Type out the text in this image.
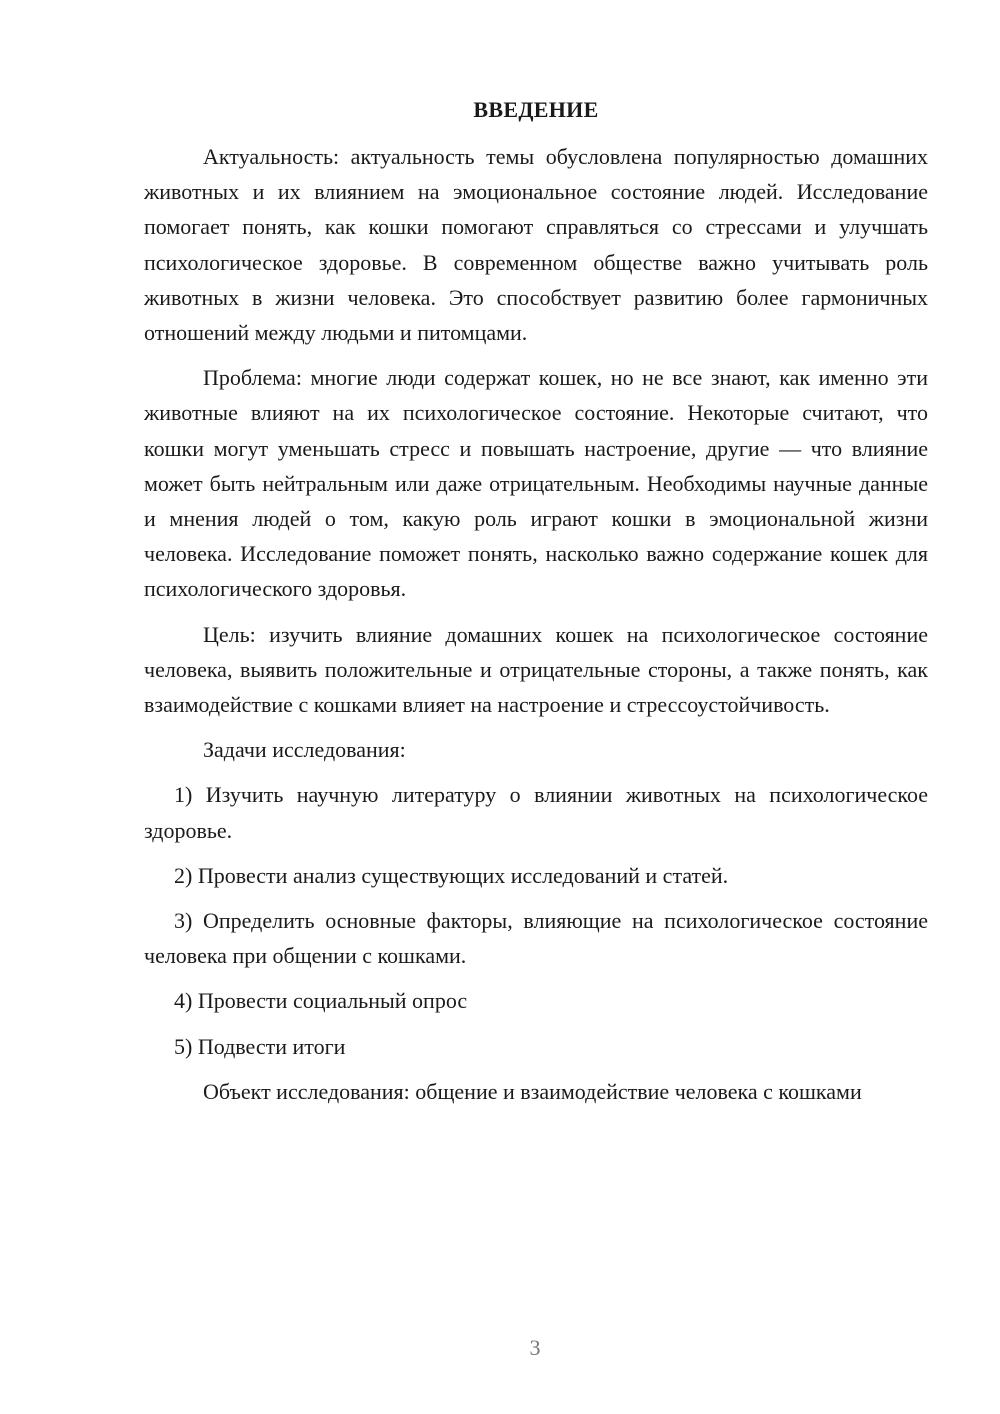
ВВЕДЕНИЕ

Актуальность: актуальность темы обусловлена популярностью домашних животных и их влиянием на эмоциональное состояние людей. Исследование помогает понять, как кошки помогают справляться со стрессами и улучшать психологическое здоровье. В современном обществе важно учитывать роль животных в жизни человека. Это способствует развитию более гармоничных отношений между людьми и питомцами.

Проблема: многие люди содержат кошек, но не все знают, как именно эти животные влияют на их психологическое состояние. Некоторые считают, что кошки могут уменьшать стресс и повышать настроение, другие — что влияние может быть нейтральным или даже отрицательным. Необходимы научные данные и мнения людей о том, какую роль играют кошки в эмоциональной жизни человека. Исследование поможет понять, насколько важно содержание кошек для психологического здоровья.

Цель: изучить влияние домашних кошек на психологическое состояние человека, выявить положительные и отрицательные стороны, а также понять, как взаимодействие с кошками влияет на настроение и стрессоустойчивость.

Задачи исследования:

1) Изучить научную литературу о влиянии животных на психологическое здоровье.

2) Провести анализ существующих исследований и статей.

3) Определить основные факторы, влияющие на психологическое состояние человека при общении с кошками.

4) Провести социальный опрос

5) Подвести итоги

Объект исследования: общение и взаимодействие человека с кошками

3
